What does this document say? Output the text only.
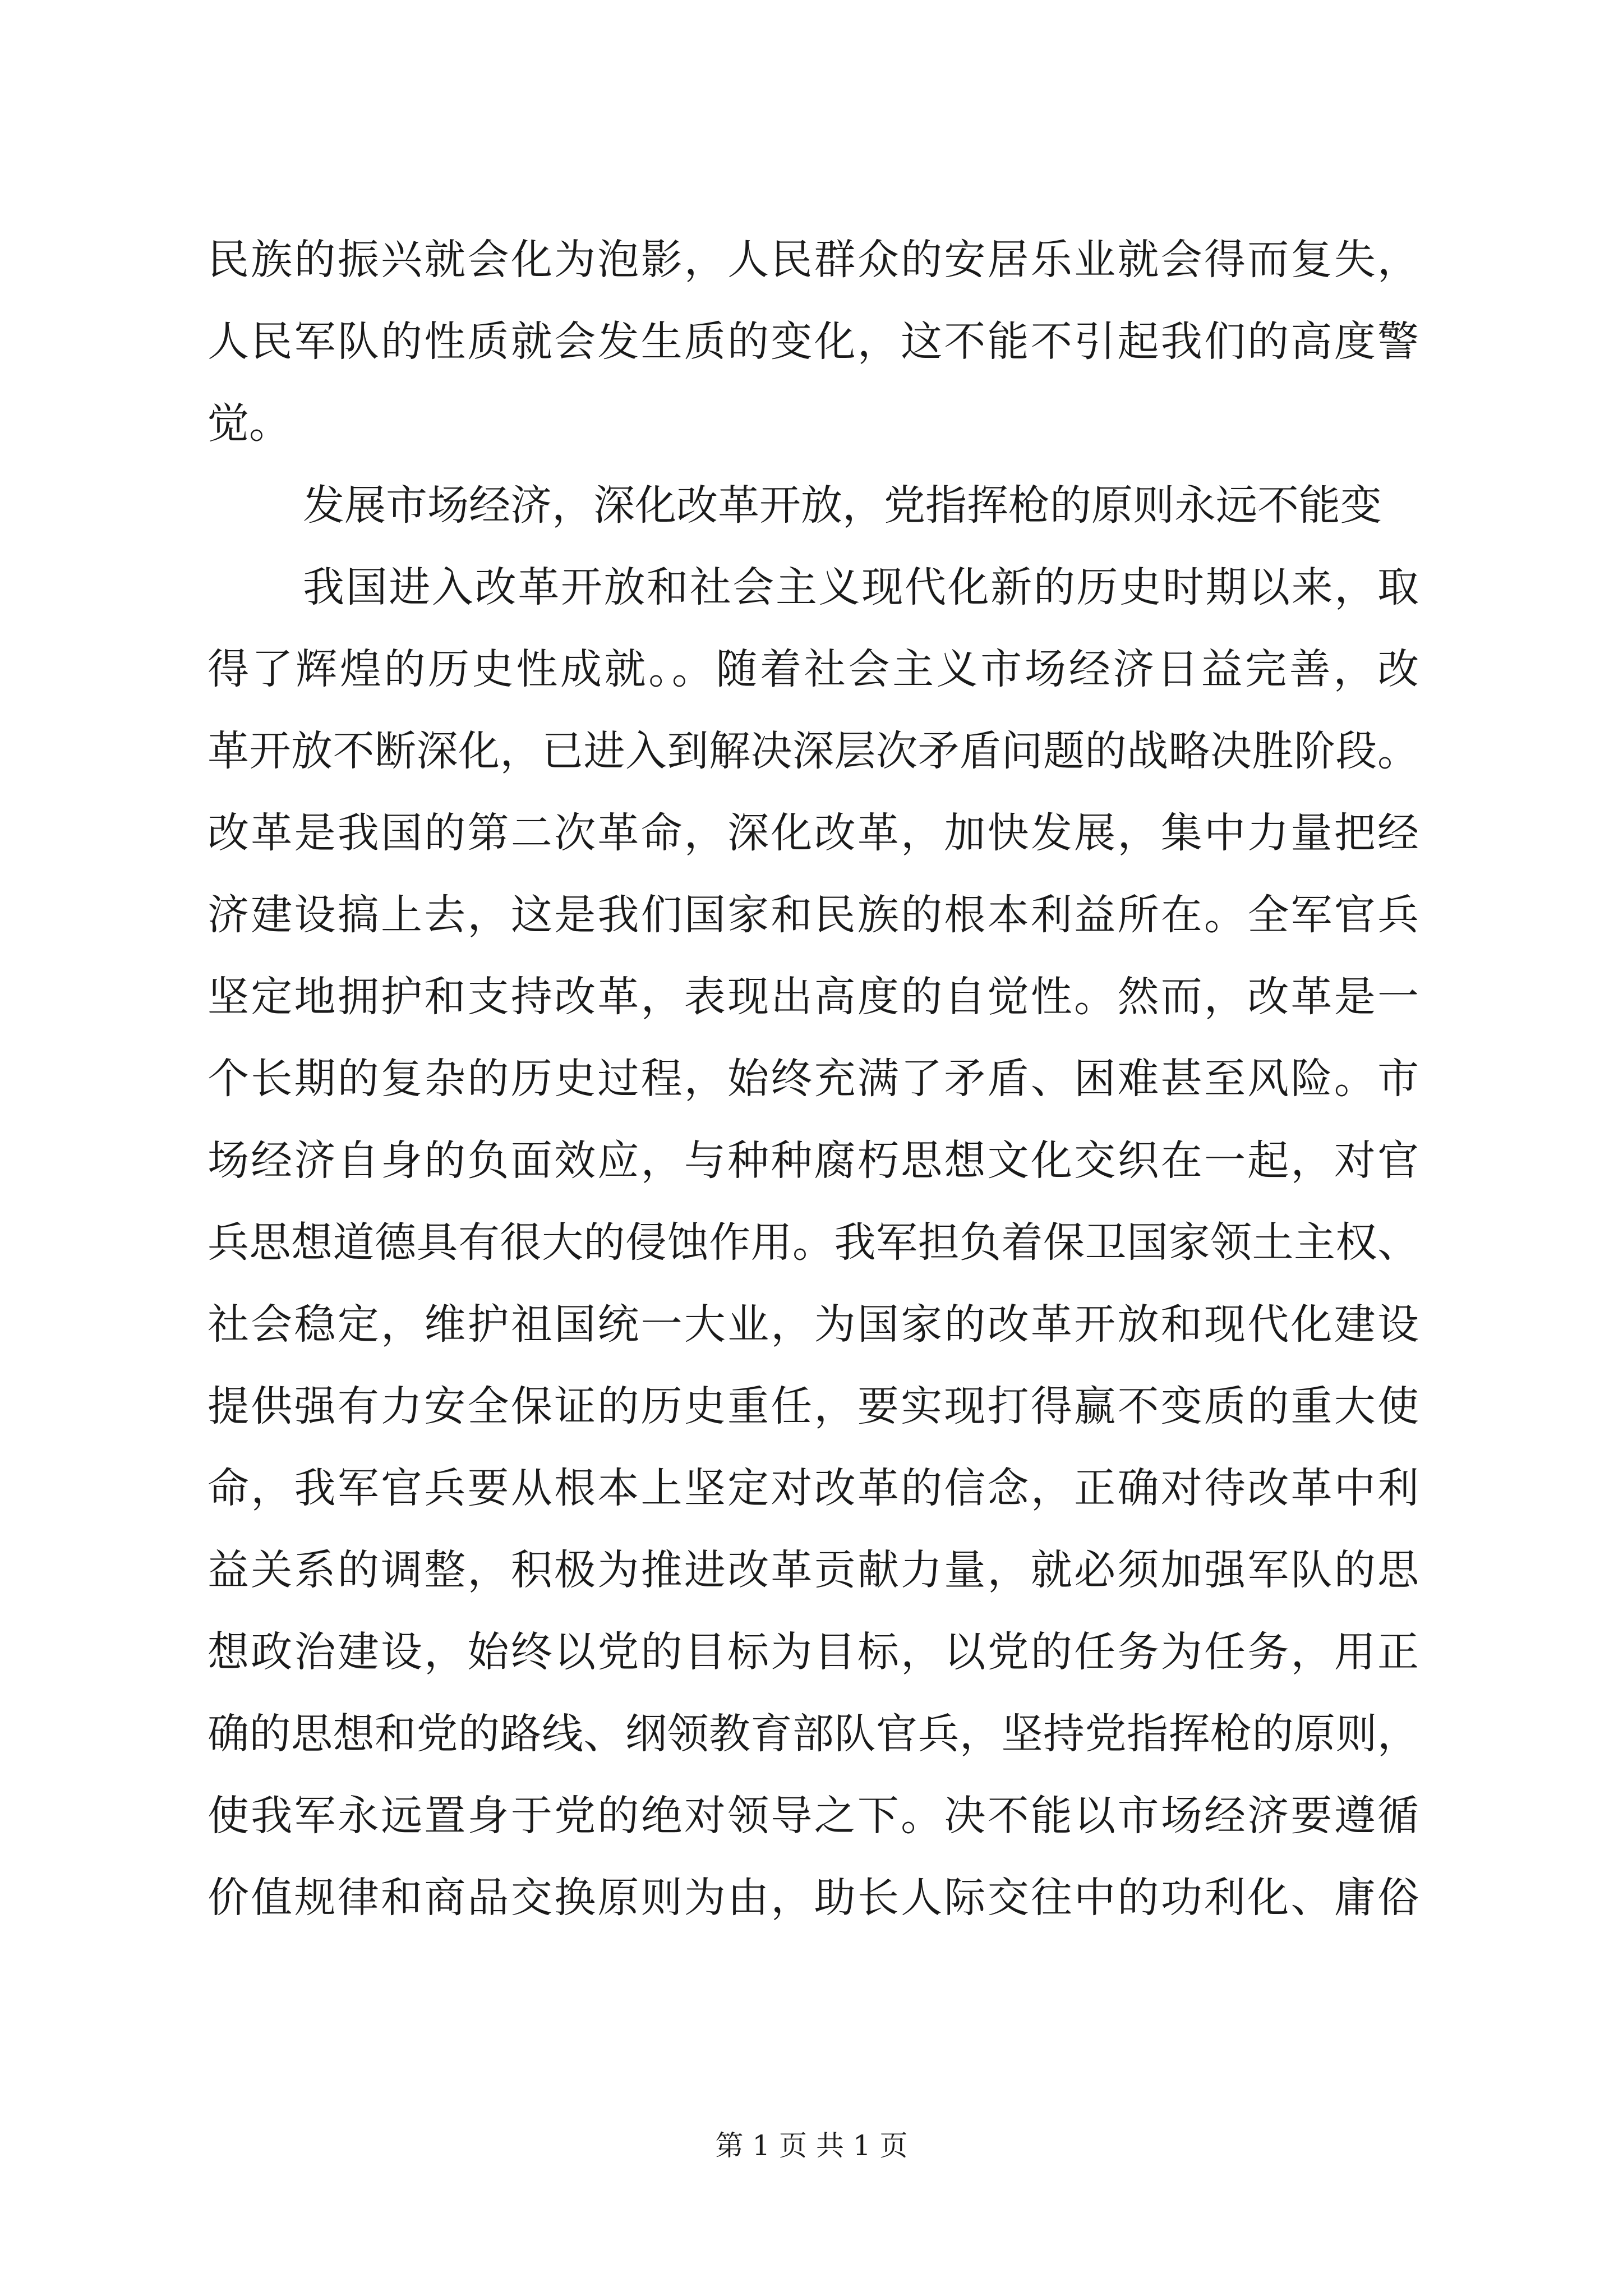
民族的振兴就会化为泡影，人民群众的安居乐业就会得而复失，
人民军队的性质就会发生质的变化，这不能不引起我们的高度警
觉。
发展市场经济，深化改革开放，党指挥枪的原则永远不能变
我国进入改革开放和社会主义现代化新的历史时期以来，取
得了辉煌的历史性成就。。随着社会主义市场经济日益完善，改
革开放不断深化，已进入到解决深层次矛盾问题的战略决胜阶段。
改革是我国的第二次革命，深化改革，加快发展，集中力量把经
济建设搞上去，这是我们国家和民族的根本利益所在。全军官兵
坚定地拥护和支持改革，表现出高度的自觉性。然而，改革是一
个长期的复杂的历史过程，始终充满了矛盾、困难甚至风险。市
场经济自身的负面效应，与种种腐朽思想文化交织在一起，对官
兵思想道德具有很大的侵蚀作用。我军担负着保卫国家领土主权、
社会稳定，维护祖国统一大业，为国家的改革开放和现代化建设
提供强有力安全保证的历史重任，要实现打得赢不变质的重大使
命，我军官兵要从根本上坚定对改革的信念，正确对待改革中利
益关系的调整，积极为推进改革贡献力量，就必须加强军队的思
想政治建设，始终以党的目标为目标，以党的任务为任务，用正
确的思想和党的路线、纲领教育部队官兵，坚持党指挥枪的原则，
使我军永远置身于党的绝对领导之下。决不能以市场经济要遵循
价值规律和商品交换原则为由，助长人际交往中的功利化、庸俗
第 1 页 共 1 页
